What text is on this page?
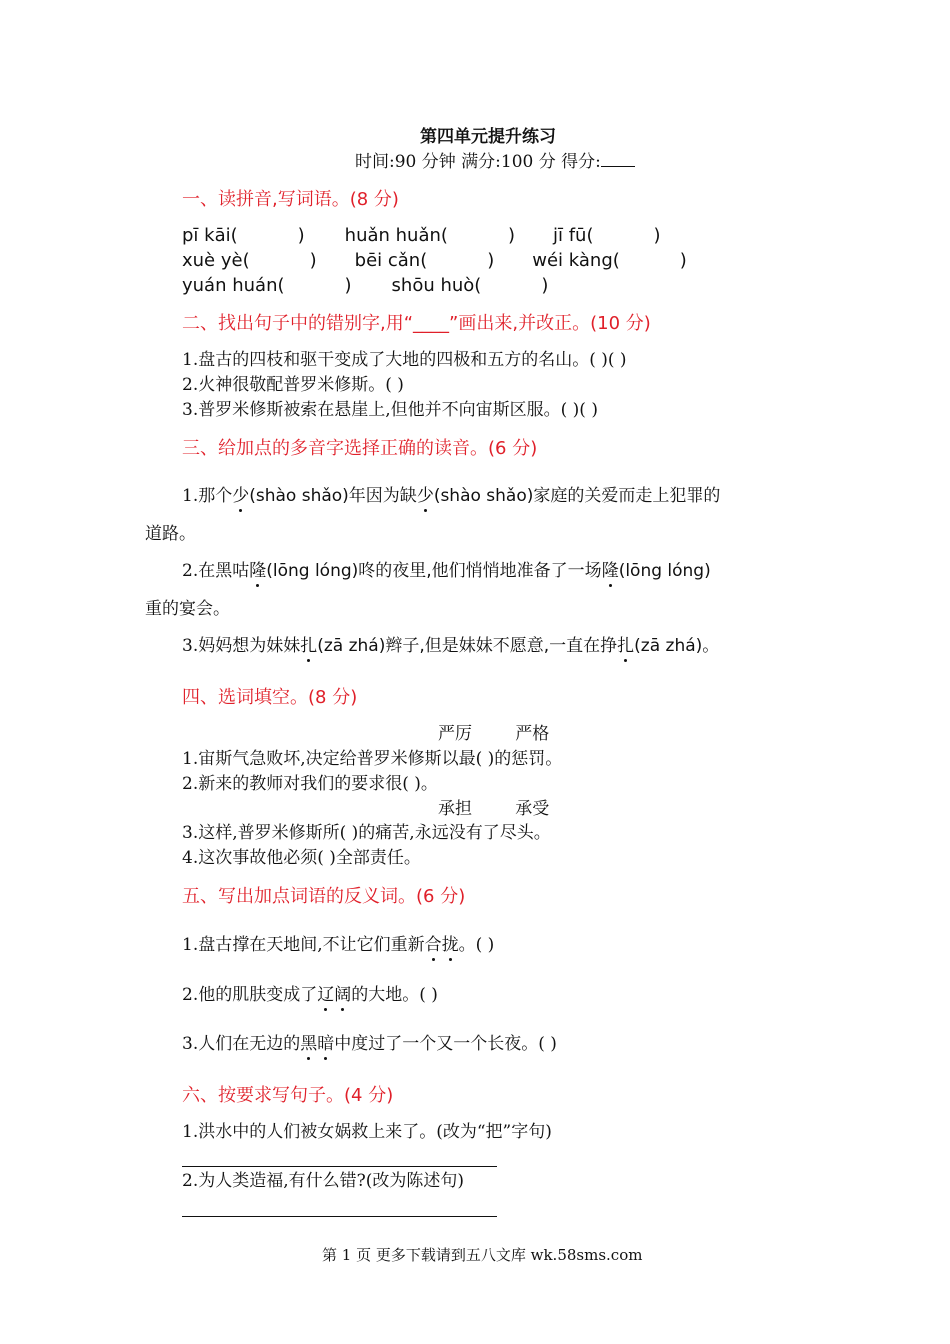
第四单元提升练习
时间:90 分钟 满分:100 分 得分:
一、读拼音,写词语。(8 分)
pī kāi(	) huǎn huǎn(	) jī fū(	)
xuè yè(	) bēi cǎn(	) wéi kàng(	)
yuán huán(	) shōu huò(	)
二、找出句子中的错别字,用“____”画出来,并改正。(10 分)
1.盘古的四枝和驱干变成了大地的四极和五方的名山。( )( )
2.火神很敬配普罗米修斯。( )
3.普罗米修斯被索在悬崖上,但他并不向宙斯区服。( )( )
三、给加点的多音字选择正确的读音。(6 分)
1.那个少(shào shǎo)年因为缺少(shào shǎo)家庭的关爱而走上犯罪的
道路。
2.在黑咕隆(lōng lóng)咚的夜里,他们悄悄地准备了一场隆(lōng lóng)
重的宴会。
3.妈妈想为妹妹扎(zā zhá)辫子,但是妹妹不愿意,一直在挣扎(zā zhá)。
四、选词填空。(8 分)
严厉        严格
1.宙斯气急败坏,决定给普罗米修斯以最( )的惩罚。
2.新来的教师对我们的要求很( )。
承担        承受
3.这样,普罗米修斯所( )的痛苦,永远没有了尽头。
4.这次事故他必须( )全部责任。
五、写出加点词语的反义词。(6 分)
1.盘古撑在天地间,不让它们重新合拢。( )
2.他的肌肤变成了辽阔的大地。( )
3.人们在无边的黑暗中度过了一个又一个长夜。( )
六、按要求写句子。(4 分)
1.洪水中的人们被女娲救上来了。(改为“把”字句)
2.为人类造福,有什么错?(改为陈述句)
第 1 页 更多下载请到五八文库 wk.58sms.com
